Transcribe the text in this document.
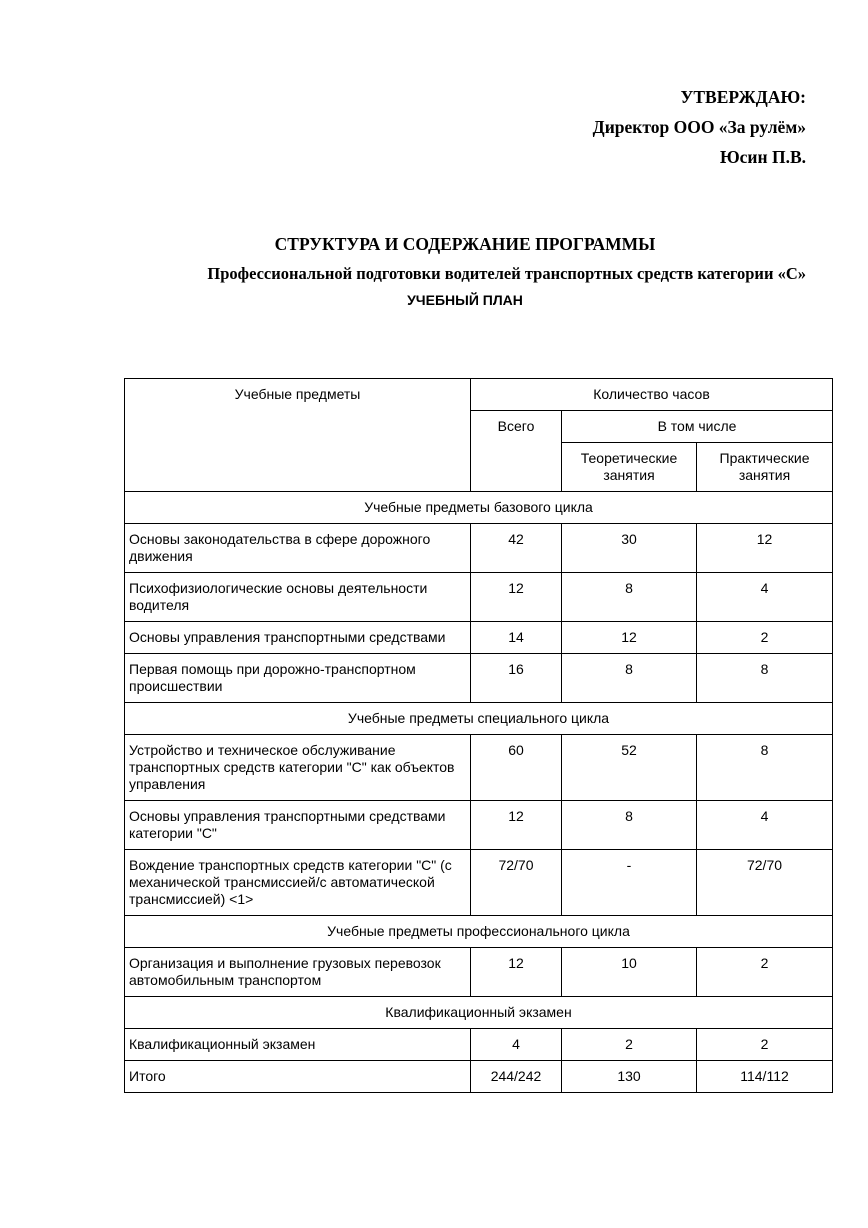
УТВЕРЖДАЮ:
Директор ООО «За рулём»
Юсин П.В.
СТРУКТУРА И СОДЕРЖАНИЕ ПРОГРАММЫ
Профессиональной подготовки водителей транспортных средств категории «С»
УЧЕБНЫЙ ПЛАН
Учебные предметы	Количество часов		
	Всего	В том числе	
		Теоретические занятия	Практические занятия
Учебные предметы базового цикла			
Основы законодательства в сфере дорожного движения	42	30	12
Психофизиологические основы деятельности водителя	12	8	4
Основы управления транспортными средствами	14	12	2
Первая помощь при дорожно-транспортном происшествии	16	8	8
Учебные предметы специального цикла			
Устройство и техническое обслуживание транспортных средств категории "С" как объектов управления	60	52	8
Основы управления транспортными средствами категории "С"	12	8	4
Вождение транспортных средств категории "С" (с механической трансмиссией/с автоматической трансмиссией) <1>	72/70	-	72/70
Учебные предметы профессионального цикла			
Организация и выполнение грузовых перевозок автомобильным транспортом	12	10	2
Квалификационный экзамен			
Квалификационный экзамен	4	2	2
Итого	244/242	130	114/112
